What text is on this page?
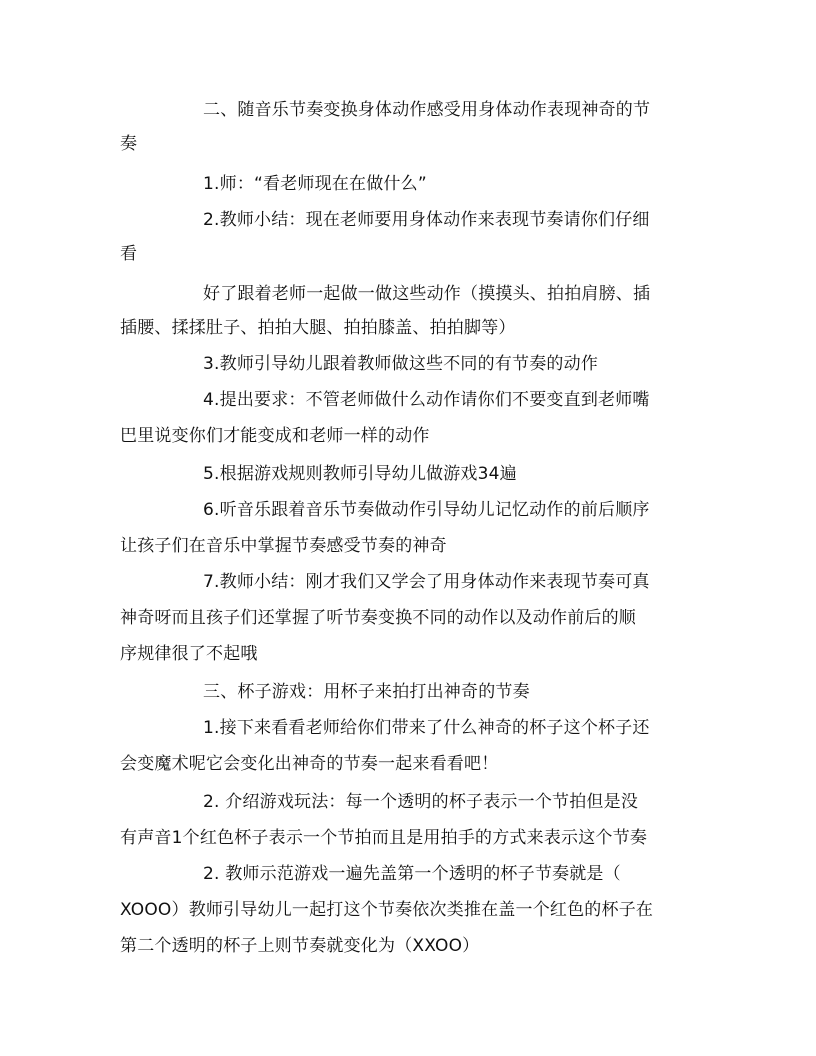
二、随音乐节奏变换身体动作感受用身体动作表现神奇的节
奏
1.师：“看老师现在在做什么”
2.教师小结：现在老师要用身体动作来表现节奏请你们仔细
看
好了跟着老师一起做一做这些动作（摸摸头、拍拍肩膀、插
插腰、揉揉肚子、拍拍大腿、拍拍膝盖、拍拍脚等）
3.教师引导幼儿跟着教师做这些不同的有节奏的动作
4.提出要求：不管老师做什么动作请你们不要变直到老师嘴
巴里说变你们才能变成和老师一样的动作
5.根据游戏规则教师引导幼儿做游戏34遍
6.听音乐跟着音乐节奏做动作引导幼儿记忆动作的前后顺序
让孩子们在音乐中掌握节奏感受节奏的神奇
7.教师小结：刚才我们又学会了用身体动作来表现节奏可真
神奇呀而且孩子们还掌握了听节奏变换不同的动作以及动作前后的顺
序规律很了不起哦
三、杯子游戏：用杯子来拍打出神奇的节奏
1.接下来看看老师给你们带来了什么神奇的杯子这个杯子还
会变魔术呢它会变化出神奇的节奏一起来看看吧！
2. 介绍游戏玩法：每一个透明的杯子表示一个节拍但是没
有声音1个红色杯子表示一个节拍而且是用拍手的方式来表示这个节奏
2. 教师示范游戏一遍先盖第一个透明的杯子节奏就是（
XOOO）教师引导幼儿一起打这个节奏依次类推在盖一个红色的杯子在
第二个透明的杯子上则节奏就变化为（XXOO）
